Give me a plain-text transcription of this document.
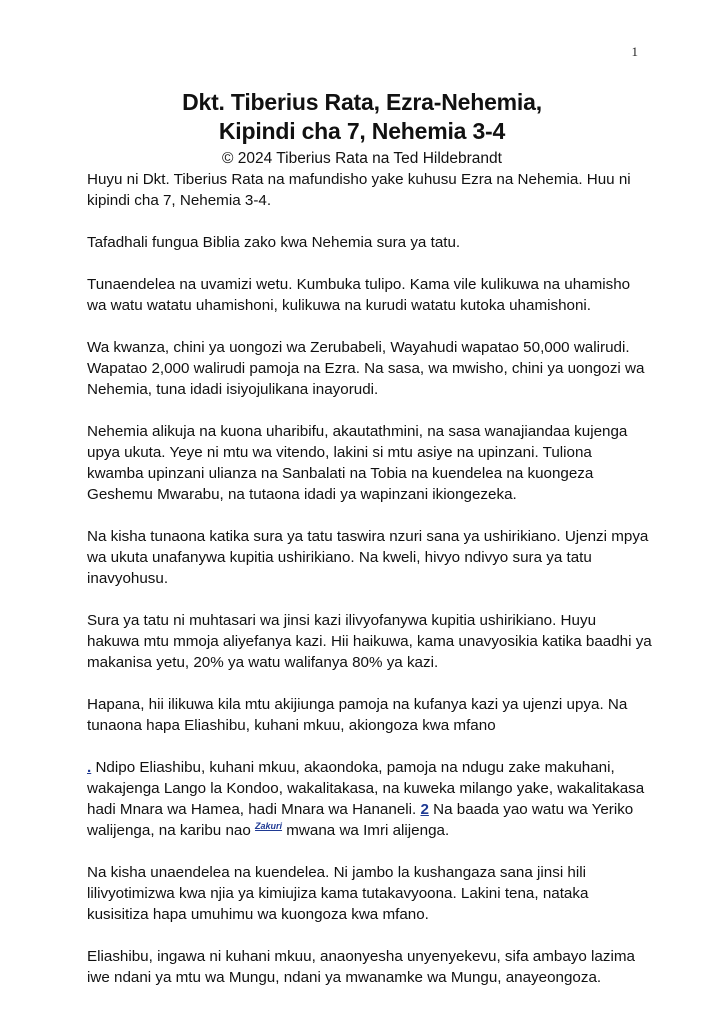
1
Dkt. Tiberius Rata, Ezra-Nehemia,
Kipindi cha 7, Nehemia 3-4
© 2024 Tiberius Rata na Ted Hildebrandt

Huyu ni Dkt. Tiberius Rata na mafundisho yake kuhusu Ezra na Nehemia. Huu ni kipindi cha 7, Nehemia 3-4.

Tafadhali fungua Biblia zako kwa Nehemia sura ya tatu.

Tunaendelea na uvamizi wetu. Kumbuka tulipo. Kama vile kulikuwa na uhamisho wa watu watatu uhamishoni, kulikuwa na kurudi watatu kutoka uhamishoni.

Wa kwanza, chini ya uongozi wa Zerubabeli, Wayahudi wapatao 50,000 walirudi. Wapatao 2,000 walirudi pamoja na Ezra. Na sasa, wa mwisho, chini ya uongozi wa Nehemia, tuna idadi isiyojulikana inayorudi.

Nehemia alikuja na kuona uharibifu, akautathmini, na sasa wanajiandaa kujenga upya ukuta. Yeye ni mtu wa vitendo, lakini si mtu asiye na upinzani. Tuliona kwamba upinzani ulianza na Sanbalati na Tobia na kuendelea na kuongeza Geshemu Mwarabu, na tutaona idadi ya wapinzani ikiongezeka.

Na kisha tunaona katika sura ya tatu taswira nzuri sana ya ushirikiano. Ujenzi mpya wa ukuta unafanywa kupitia ushirikiano. Na kweli, hivyo ndivyo sura ya tatu inavyohusu.

Sura ya tatu ni muhtasari wa jinsi kazi ilivyofanywa kupitia ushirikiano. Huyu hakuwa mtu mmoja aliyefanya kazi. Hii haikuwa, kama unavyosikia katika baadhi ya makanisa yetu, 20% ya watu walifanya 80% ya kazi.

Hapana, hii ilikuwa kila mtu akijiunga pamoja na kufanya kazi ya ujenzi upya. Na tunaona hapa Eliashibu, kuhani mkuu, akiongoza kwa mfano

. Ndipo Eliashibu, kuhani mkuu, akaondoka, pamoja na ndugu zake makuhani, wakajenga Lango la Kondoo, wakalitakasa, na kuweka milango yake, wakalitakasa hadi Mnara wa Hamea, hadi Mnara wa Hananeli. 2 Na baada yao watu wa Yeriko walijenga, na karibu nao $^{Zakuri}$ mwana wa Imri alijenga.

Na kisha unaendelea na kuendelea. Ni jambo la kushangaza sana jinsi hili lilivyotimizwa kwa njia ya kimiujiza kama tutakavyoona. Lakini tena, nataka kusisitiza hapa umuhimu wa kuongoza kwa mfano.

Eliashibu, ingawa ni kuhani mkuu, anaonyesha unyenyekevu, sifa ambayo lazima iwe ndani ya mtu wa Mungu, ndani ya mwanamke wa Mungu, anayeongoza.
